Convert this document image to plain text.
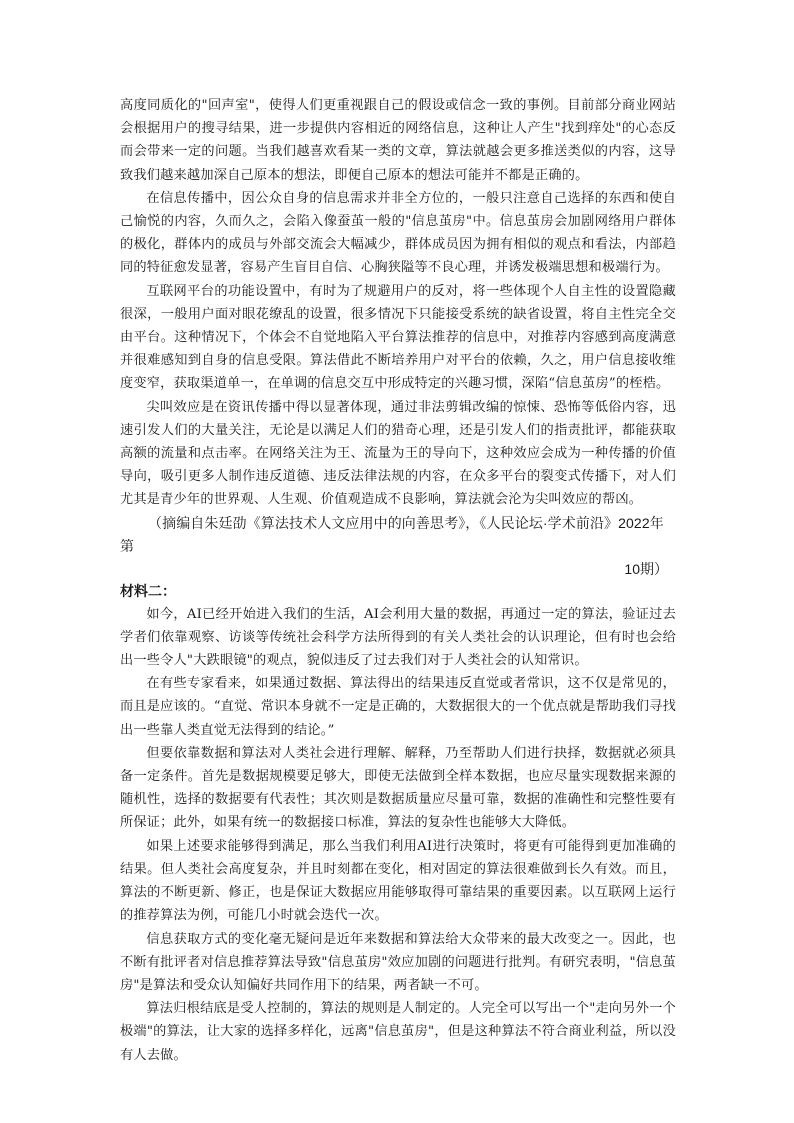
高度同质化的"回声室"，使得人们更重视跟自己的假设或信念一致的事例。目前部分商业网站会根据用户的搜寻结果，进一步提供内容相近的网络信息，这种让人产生"找到痒处"的心态反而会带来一定的问题。当我们越喜欢看某一类的文章，算法就越会更多推送类似的内容，这导致我们越来越加深自己原本的想法，即便自己原本的想法可能并不都是正确的。

在信息传播中，因公众自身的信息需求并非全方位的，一般只注意自己选择的东西和使自己愉悦的内容，久而久之，会陷入像蚕茧一般的"信息茧房"中。信息茧房会加剧网络用户群体的极化，群体内的成员与外部交流会大幅减少，群体成员因为拥有相似的观点和看法，内部趋同的特征愈发显著，容易产生盲目自信、心胸狭隘等不良心理，并诱发极端思想和极端行为。

互联网平台的功能设置中，有时为了规避用户的反对，将一些体现个人自主性的设置隐藏很深，一般用户面对眼花缭乱的设置，很多情况下只能接受系统的缺省设置，将自主性完全交由平台。这种情况下，个体会不自觉地陷入平台算法推荐的信息中，对推荐内容感到高度满意并很难感知到自身的信息受限。算法借此不断培养用户对平台的依赖，久之，用户信息接收维度变窄，获取渠道单一，在单调的信息交互中形成特定的兴趣习惯，深陷“信息茧房”的桎梏。

尖叫效应是在资讯传播中得以显著体现，通过非法剪辑改编的惊悚、恐怖等低俗内容，迅速引发人们的大量关注，无论是以满足人们的猎奇心理，还是引发人们的指责批评，都能获取高额的流量和点击率。在网络关注为王、流量为王的导向下，这种效应会成为一种传播的价值导向，吸引更多人制作违反道德、违反法律法规的内容，在众多平台的裂变式传播下，对人们尤其是青少年的世界观、人生观、价值观造成不良影响，算法就会沦为尖叫效应的帮凶。

（摘编自朱廷劭《算法技术人文应用中的向善思考》，《人民论坛·学术前沿》2022年第

10期）

材料二：

如今，AI已经开始进入我们的生活，AI会利用大量的数据，再通过一定的算法，验证过去学者们依靠观察、访谈等传统社会科学方法所得到的有关人类社会的认识理论，但有时也会给出一些令人"大跌眼镜"的观点，貌似违反了过去我们对于人类社会的认知常识。

在有些专家看来，如果通过数据、算法得出的结果违反直觉或者常识，这不仅是常见的，而且是应该的。“直觉、常识本身就不一定是正确的，大数据很大的一个优点就是帮助我们寻找出一些靠人类直觉无法得到的结论。”

但要依靠数据和算法对人类社会进行理解、解释，乃至帮助人们进行抉择，数据就必须具备一定条件。首先是数据规模要足够大，即使无法做到全样本数据，也应尽量实现数据来源的随机性，选择的数据要有代表性；其次则是数据质量应尽量可靠，数据的准确性和完整性要有所保证；此外，如果有统一的数据接口标准，算法的复杂性也能够大大降低。

如果上述要求能够得到满足，那么当我们利用AI进行决策时，将更有可能得到更加准确的结果。但人类社会高度复杂，并且时刻都在变化，相对固定的算法很难做到长久有效。而且，算法的不断更新、修正，也是保证大数据应用能够取得可靠结果的重要因素。以互联网上运行的推荐算法为例，可能几小时就会迭代一次。

信息获取方式的变化毫无疑问是近年来数据和算法给大众带来的最大改变之一。因此，也不断有批评者对信息推荐算法导致"信息茧房"效应加剧的问题进行批判。有研究表明，"信息茧房"是算法和受众认知偏好共同作用下的结果，两者缺一不可。

算法归根结底是受人控制的，算法的规则是人制定的。人完全可以写出一个"走向另外一个极端"的算法，让大家的选择多样化，远离"信息茧房"，但是这种算法不符合商业利益，所以没有人去做。
